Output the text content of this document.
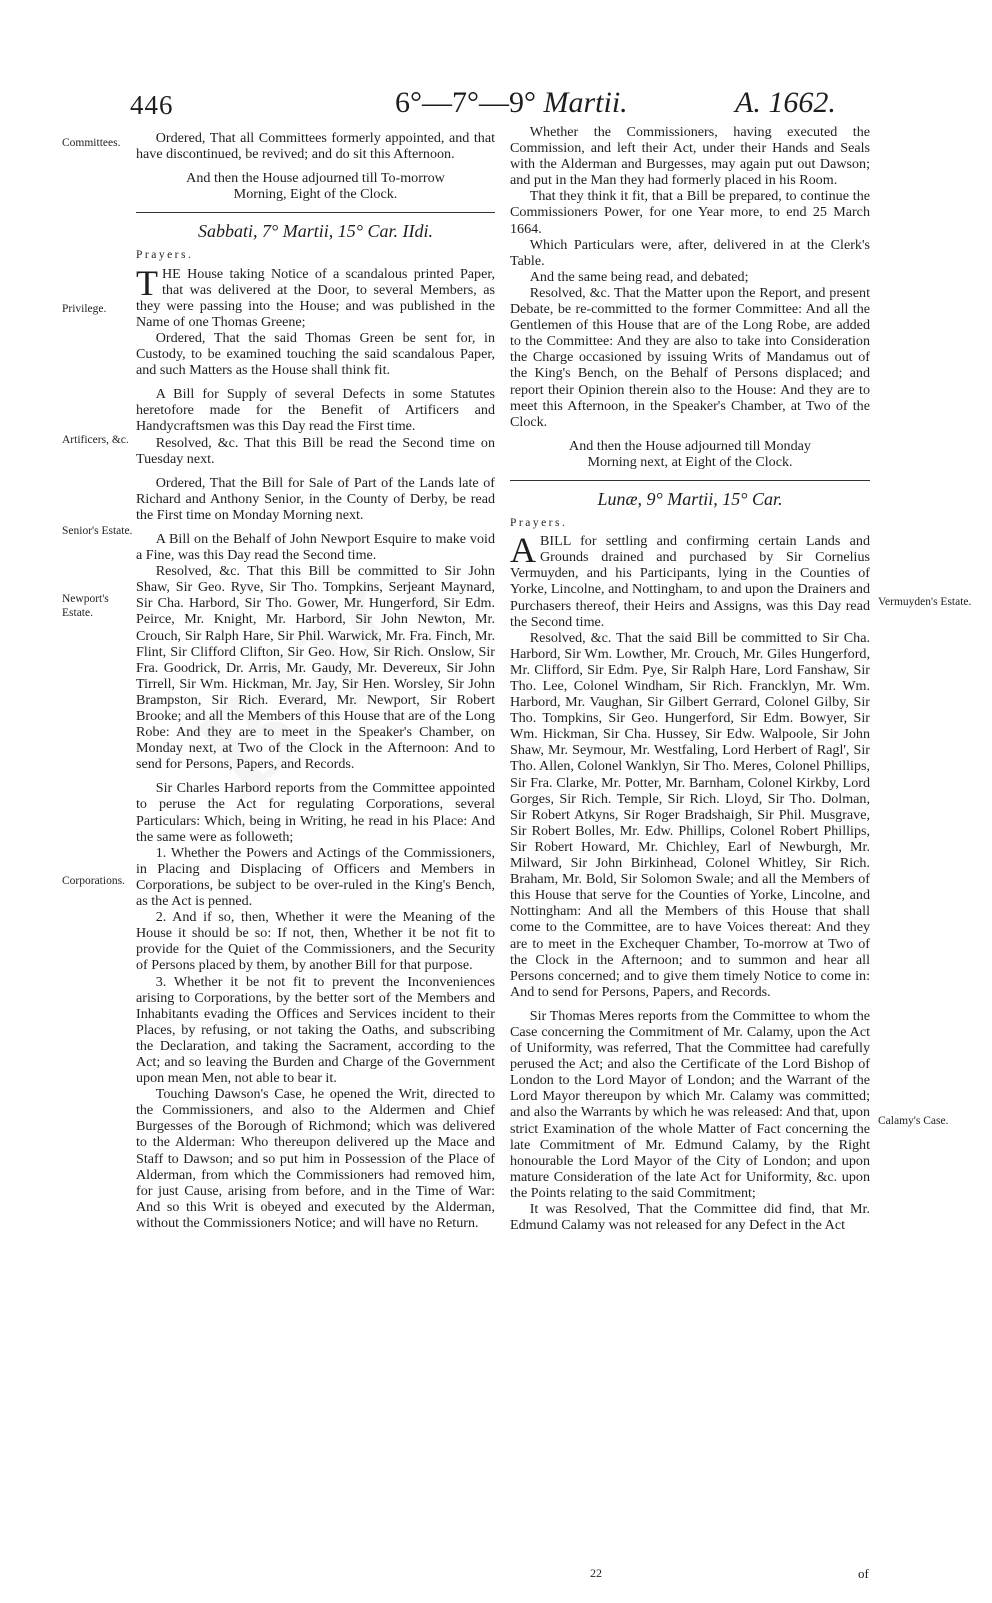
446	6°—7°—9° Martii.	A. 1662.
Committees.
Privilege.
Artificers, &c.
Senior's Estate.
Newport's Estate.
Corporations.
Vermuyden's Estate.
Calamy's Case.

Ordered, That all Committees formerly appointed, and that have discontinued, be revived; and do sit this Afternoon.

And then the House adjourned till To-morrow Morning, Eight of the Clock.

Sabbati, 7° Martii, 15° Car. IIdi.

Prayers.

THE House taking Notice of a scandalous printed Paper, that was delivered at the Door, to several Members, as they were passing into the House; and was published in the Name of one Thomas Greene;

Ordered, That the said Thomas Green be sent for, in Custody, to be examined touching the said scandalous Paper, and such Matters as the House shall think fit.

A Bill for Supply of several Defects in some Statutes heretofore made for the Benefit of Artificers and Handycraftsmen was this Day read the First time.

Resolved, &c. That this Bill be read the Second time on Tuesday next.

Ordered, That the Bill for Sale of Part of the Lands late of Richard and Anthony Senior, in the County of Derby, be read the First time on Monday Morning next.

A Bill on the Behalf of John Newport Esquire to make void a Fine, was this Day read the Second time.

Resolved, &c. That this Bill be committed to Sir John Shaw, Sir Geo. Ryve, Sir Tho. Tompkins, Serjeant Maynard, Sir Cha. Harbord, Sir Tho. Gower, Mr. Hungerford, Sir Edm. Peirce, Mr. Knight, Mr. Harbord, Sir John Newton, Mr. Crouch, Sir Ralph Hare, Sir Phil. Warwick, Mr. Fra. Finch, Mr. Flint, Sir Clifford Clifton, Sir Geo. How, Sir Rich. Onslow, Sir Fra. Goodrick, Dr. Arris, Mr. Gaudy, Mr. Devereux, Sir John Tirrell, Sir Wm. Hickman, Mr. Jay, Sir Hen. Worsley, Sir John Brampston, Sir Rich. Everard, Mr. Newport, Sir Robert Brooke; and all the Members of this House that are of the Long Robe: And they are to meet in the Speaker's Chamber, on Monday next, at Two of the Clock in the Afternoon: And to send for Persons, Papers, and Records.

Sir Charles Harbord reports from the Committee appointed to peruse the Act for regulating Corporations, several Particulars: Which, being in Writing, he read in his Place: And the same were as followeth;

1. Whether the Powers and Actings of the Commissioners, in Placing and Displacing of Officers and Members in Corporations, be subject to be over-ruled in the King's Bench, as the Act is penned.

2. And if so, then, Whether it were the Meaning of the House it should be so: If not, then, Whether it be not fit to provide for the Quiet of the Commissioners, and the Security of Persons placed by them, by another Bill for that purpose.

3. Whether it be not fit to prevent the Inconveniences arising to Corporations, by the better sort of the Members and Inhabitants evading the Offices and Services incident to their Places, by refusing, or not taking the Oaths, and subscribing the Declaration, and taking the Sacrament, according to the Act; and so leaving the Burden and Charge of the Government upon mean Men, not able to bear it.

Touching Dawson's Case, he opened the Writ, directed to the Commissioners, and also to the Aldermen and Chief Burgesses of the Borough of Richmond; which was delivered to the Alderman: Who thereupon delivered up the Mace and Staff to Dawson; and so put him in Possession of the Place of Alderman, from which the Commissioners had removed him, for just Cause, arising from before, and in the Time of War: And so this Writ is obeyed and executed by the Alderman, without the Commissioners Notice; and will have no Return.

Whether the Commissioners, having executed the Commission, and left their Act, under their Hands and Seals with the Alderman and Burgesses, may again put out Dawson; and put in the Man they had formerly placed in his Room.

That they think it fit, that a Bill be prepared, to continue the Commissioners Power, for one Year more, to end 25 March 1664.

Which Particulars were, after, delivered in at the Clerk's Table.

And the same being read, and debated;

Resolved, &c. That the Matter upon the Report, and present Debate, be re-committed to the former Committee: And all the Gentlemen of this House that are of the Long Robe, are added to the Committee: And they are also to take into Consideration the Charge occasioned by issuing Writs of Mandamus out of the King's Bench, on the Behalf of Persons displaced; and report their Opinion therein also to the House: And they are to meet this Afternoon, in the Speaker's Chamber, at Two of the Clock.

And then the House adjourned till Monday Morning next, at Eight of the Clock.

Lunæ, 9° Martii, 15° Car.

Prayers.

A BILL for settling and confirming certain Lands and Grounds drained and purchased by Sir Cornelius Vermuyden, and his Participants, lying in the Counties of Yorke, Lincolne, and Nottingham, to and upon the Drainers and Purchasers thereof, their Heirs and Assigns, was this Day read the Second time.

Resolved, &c. That the said Bill be committed to Sir Cha. Harbord, Sir Wm. Lowther, Mr. Crouch, Mr. Giles Hungerford, Mr. Clifford, Sir Edm. Pye, Sir Ralph Hare, Lord Fanshaw, Sir Tho. Lee, Colonel Windham, Sir Rich. Francklyn, Mr. Wm. Harbord, Mr. Vaughan, Sir Gilbert Gerrard, Colonel Gilby, Sir Tho. Tompkins, Sir Geo. Hungerford, Sir Edm. Bowyer, Sir Wm. Hickman, Sir Cha. Hussey, Sir Edw. Walpoole, Sir John Shaw, Mr. Seymour, Mr. Westfaling, Lord Herbert of Ragl', Sir Tho. Allen, Colonel Wanklyn, Sir Tho. Meres, Colonel Phillips, Sir Fra. Clarke, Mr. Potter, Mr. Barnham, Colonel Kirkby, Lord Gorges, Sir Rich. Temple, Sir Rich. Lloyd, Sir Tho. Dolman, Sir Robert Atkyns, Sir Roger Bradshaigh, Sir Phil. Musgrave, Sir Robert Bolles, Mr. Edw. Phillips, Colonel Robert Phillips, Sir Robert Howard, Mr. Chichley, Earl of Newburgh, Mr. Milward, Sir John Birkinhead, Colonel Whitley, Sir Rich. Braham, Mr. Bold, Sir Solomon Swale; and all the Members of this House that serve for the Counties of Yorke, Lincolne, and Nottingham: And all the Members of this House that shall come to the Committee, are to have Voices thereat: And they are to meet in the Exchequer Chamber, To-morrow at Two of the Clock in the Afternoon; and to summon and hear all Persons concerned; and to give them timely Notice to come in: And to send for Persons, Papers, and Records.

Sir Thomas Meres reports from the Committee to whom the Case concerning the Commitment of Mr. Calamy, upon the Act of Uniformity, was referred, That the Committee had carefully perused the Act; and also the Certificate of the Lord Bishop of London to the Lord Mayor of London; and the Warrant of the Lord Mayor thereupon by which Mr. Calamy was committed; and also the Warrants by which he was released: And that, upon strict Examination of the whole Matter of Fact concerning the late Commitment of Mr. Edmund Calamy, by the Right honourable the Lord Mayor of the City of London; and upon mature Consideration of the late Act for Uniformity, &c. upon the Points relating to the said Commitment;

It was Resolved, That the Committee did find, that Mr. Edmund Calamy was not released for any Defect in the Act

22	of
